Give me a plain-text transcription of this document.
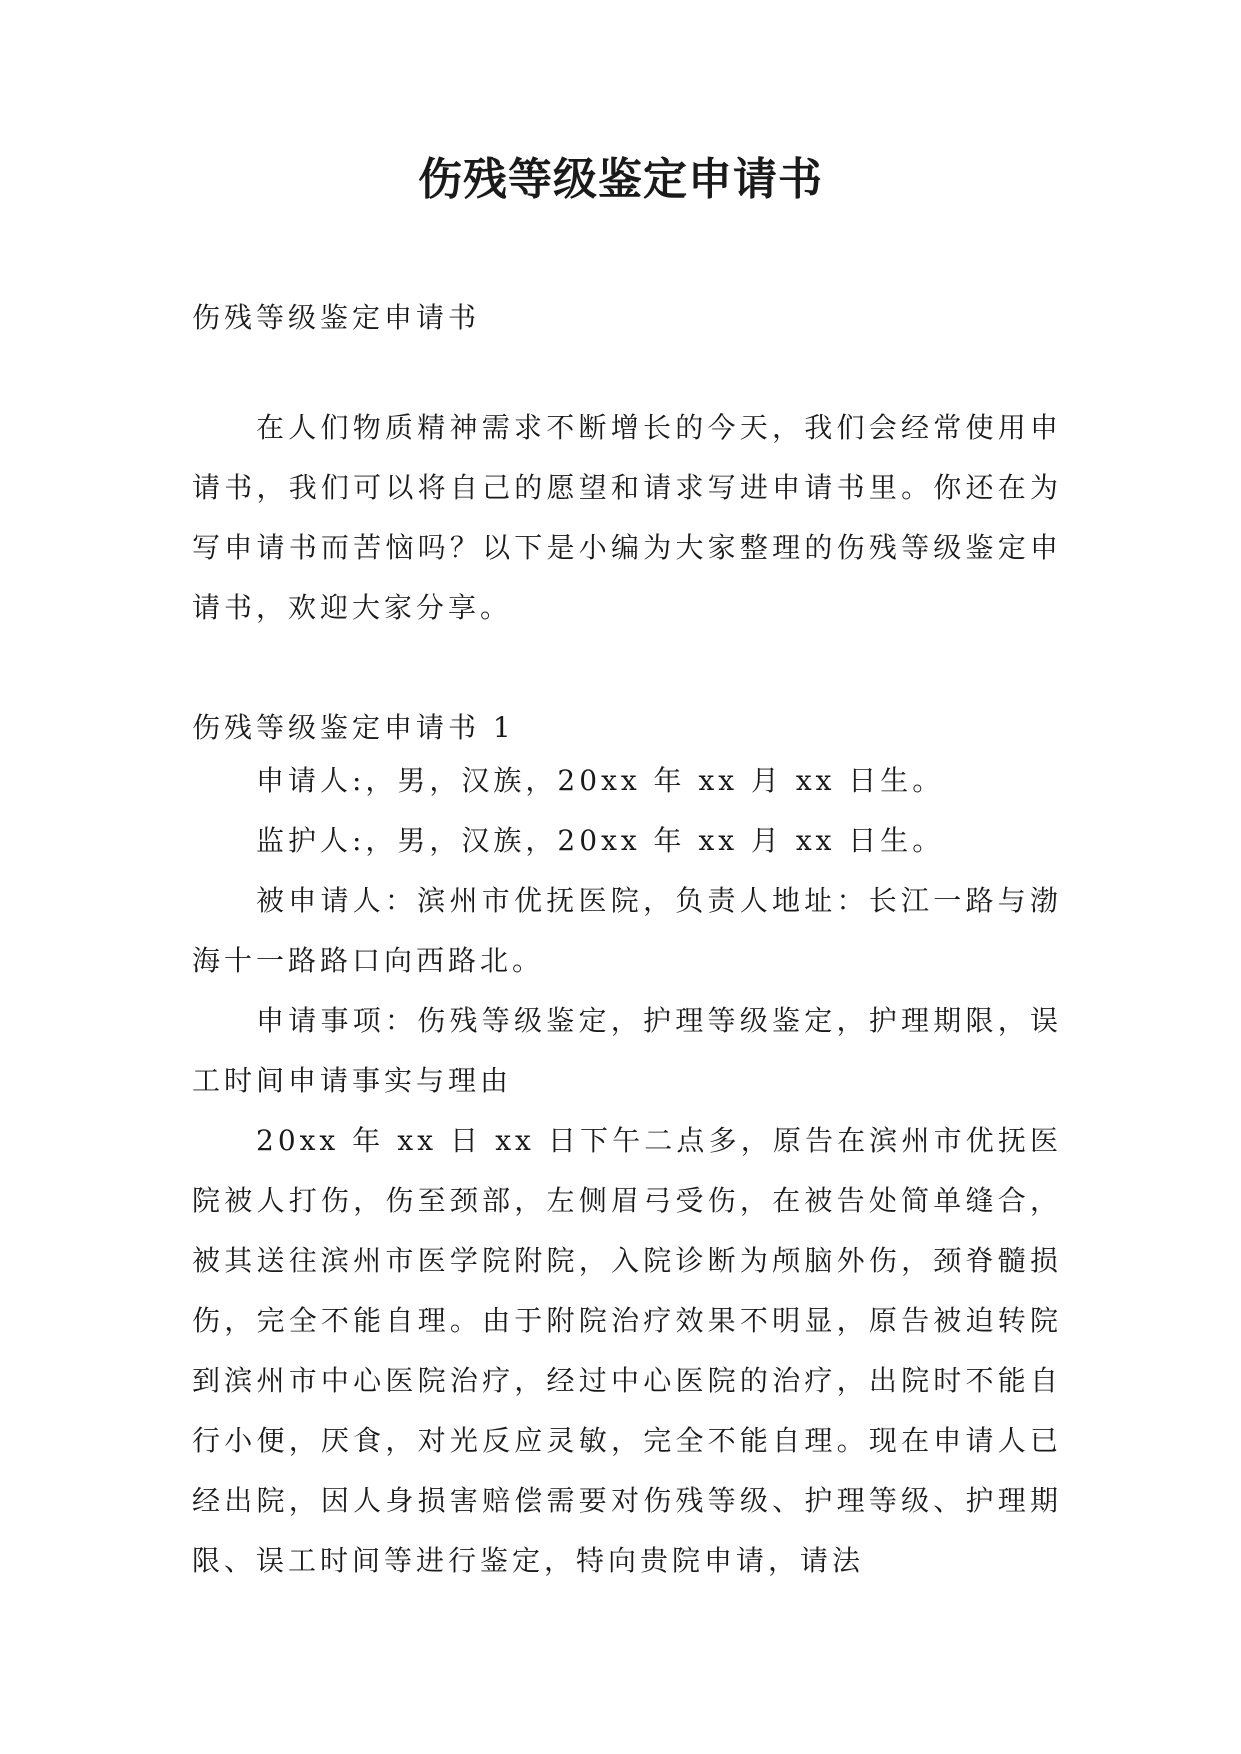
伤残等级鉴定申请书

伤残等级鉴定申请书

在人们物质精神需求不断增长的今天，我们会经常使用申请书，我们可以将自己的愿望和请求写进申请书里。你还在为写申请书而苦恼吗？以下是小编为大家整理的伤残等级鉴定申请书，欢迎大家分享。

伤残等级鉴定申请书 1

申请人:，男，汉族，20xx 年 xx 月 xx 日生。

监护人:，男，汉族，20xx 年 xx 月 xx 日生。

被申请人：滨州市优抚医院，负责人地址：长江一路与渤海十一路路口向西路北。

申请事项：伤残等级鉴定，护理等级鉴定，护理期限，误工时间申请事实与理由

20xx 年 xx 日 xx 日下午二点多，原告在滨州市优抚医院被人打伤，伤至颈部，左侧眉弓受伤，在被告处简单缝合，被其送往滨州市医学院附院，入院诊断为颅脑外伤，颈脊髓损伤，完全不能自理。由于附院治疗效果不明显，原告被迫转院到滨州市中心医院治疗，经过中心医院的治疗，出院时不能自行小便，厌食，对光反应灵敏，完全不能自理。现在申请人已经出院，因人身损害赔偿需要对伤残等级、护理等级、护理期限、误工时间等进行鉴定，特向贵院申请，请法
